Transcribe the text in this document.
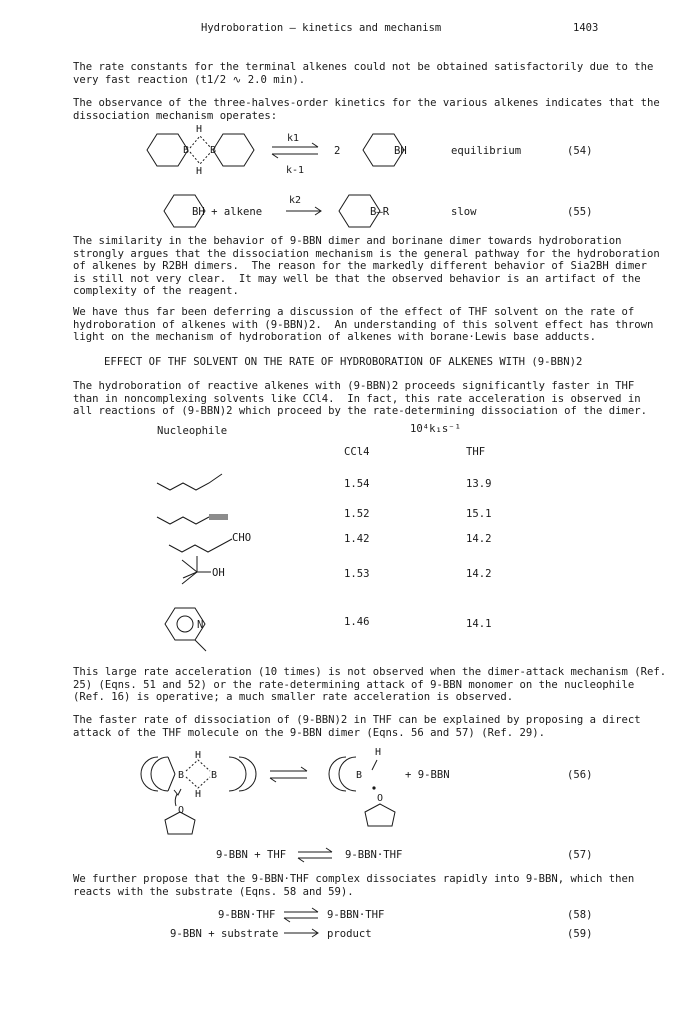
Hydroboration — kinetics and mechanism	1403
The rate constants for the terminal alkenes could not be obtained satisfactorily due to the
very fast reaction (t1/2 ∿ 2.0 min).
The observance of the three-halves-order kinetics for the various alkenes indicates that the
dissociation mechanism operates:
H
H
B B
k1
k-1
2	BH	equilibrium	(54)
BH + alkene
k2
B—R	slow	(55)
The similarity in the behavior of 9-BBN dimer and borinane dimer towards hydroboration
strongly argues that the dissociation mechanism is the general pathway for the hydroboration
of alkenes by R2BH dimers.  The reason for the markedly different behavior of Sia2BH dimer
is still not very clear.  It may well be that the observed behavior is an artifact of the
complexity of the reagent.
We have thus far been deferring a discussion of the effect of THF solvent on the rate of
hydroboration of alkenes with (9-BBN)2.  An understanding of this solvent effect has thrown
light on the mechanism of hydroboration of alkenes with borane·Lewis base adducts.
EFFECT OF THF SOLVENT ON THE RATE OF HYDROBORATION OF ALKENES WITH (9-BBN)2
The hydroboration of reactive alkenes with (9-BBN)2 proceeds significantly faster in THF
than in noncomplexing solvents like CCl4.  In fact, this rate acceleration is observed in
all reactions of (9-BBN)2 which proceed by the rate-determining dissociation of the dimer.
Nucleophile	10⁴k₁s⁻¹
CCl4	THF
1.54	13.9
1.52	15.1
1.42	14.2
1.53	14.2
1.46	14.1
CHO
OH
N
This large rate acceleration (10 times) is not observed when the dimer-attack mechanism (Ref.
25) (Eqns. 51 and 52) or the rate-determining attack of 9-BBN monomer on the nucleophile
(Ref. 16) is operative; a much smaller rate acceleration is observed.
The faster rate of dissociation of (9-BBN)2 in THF can be explained by proposing a direct
attack of the THF molecule on the 9-BBN dimer (Eqns. 56 and 57) (Ref. 29).
H
H
B	B
O
B
H
O
+ 9-BBN	(56)
9-BBN + THF	9-BBN·THF	(57)
9-BBN·THF	9-BBN·THF	(58)
9-BBN + substrate	product	(59)
We further propose that the 9-BBN·THF complex dissociates rapidly into 9-BBN, which then
reacts with the substrate (Eqns. 58 and 59).
